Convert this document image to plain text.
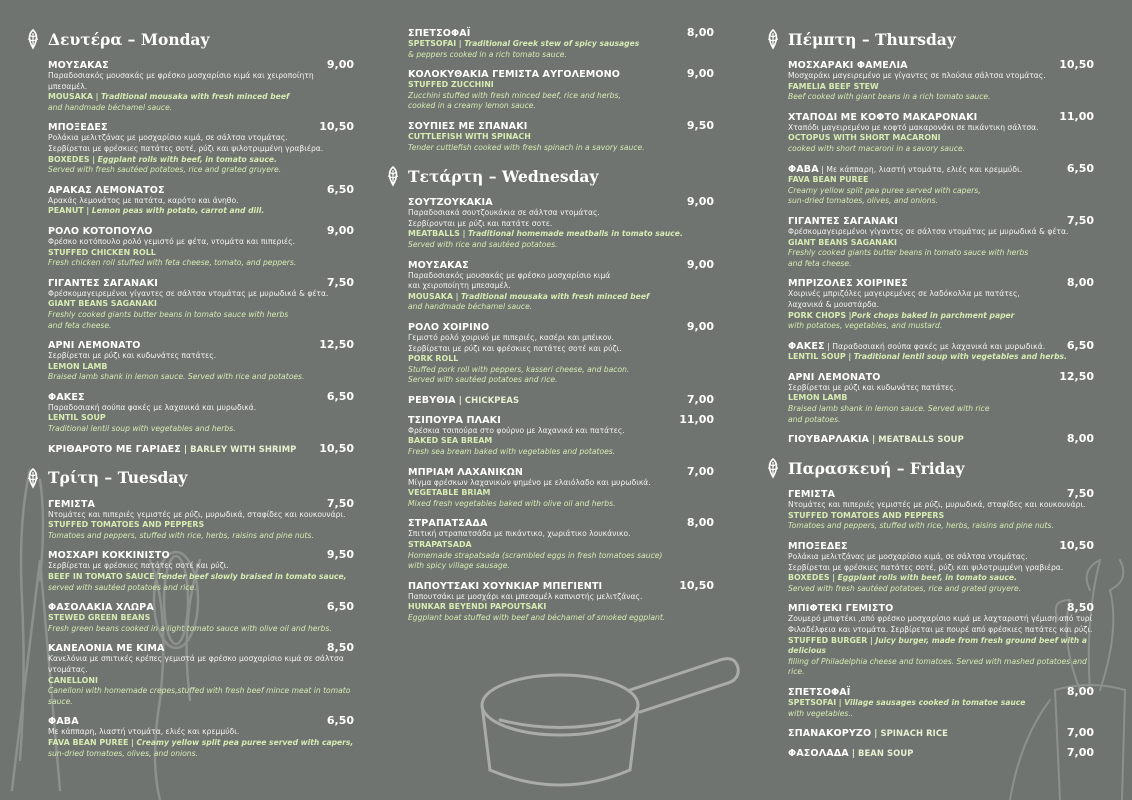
Δευτέρα – Monday
ΜΟΥΣΑΚΑΣ	9,00
Παραδοσιακός μουσακάς με φρέσκο μοσχαρίσιο κιμά και χειροποίητη μπεσαμέλ.
MOUSAKA | Traditional mousaka with fresh minced beef
and handmade béchamel sauce.
ΜΠΟΞΕΔΕΣ	10,50
Ρολάκια μελιτζάνας με μοσχαρίσιο κιμά, σε σάλτσα ντομάτας.
Σερβίρεται με φρέσκιες πατάτες σοτέ, ρύζι και ψιλοτριμμένη γραβιέρα.
BOXEDES | Eggplant rolls with beef, in tomato sauce.
Served with fresh sautéed potatoes, rice and grated gruyere.
ΑΡΑΚΑΣ ΛΕΜΟΝΑΤΟΣ	6,50
Αρακάς λεμονάτος με πατάτα, καρότο και άνηθο.
PEANUT | Lemon peas with potato, carrot and dill.
ΡΟΛΟ ΚΟΤΟΠΟΥΛΟ	9,00
Φρέσκο κοτόπουλο ρολό γεμιστό με φέτα, ντομάτα και πιπεριές.
STUFFED CHICKEN ROLL
Fresh chicken roll stuffed with feta cheese, tomato, and peppers.
ΓΙΓΑΝΤΕΣ ΣΑΓΑΝΑΚΙ	7,50
Φρέσκομαγειρεμένοι γίγαντες σε σάλτσα ντομάτας με μυρωδικά & φέτα.
GIANT BEANS SAGANAKI
Freshly cooked giants butter beans in tomato sauce with herbs
and feta cheese.
ΑΡΝΙ ΛΕΜΟΝΑΤΟ	12,50
Σερβίρεται με ρύζι και κυδωνάτες πατάτες.
LEMON LAMB
Braised lamb shank in lemon sauce. Served with rice and potatoes.
ΦΑΚΕΣ	6,50
Παραδοσιακή σούπα φακές με λαχανικά και μυρωδικά.
LENTIL SOUP
Traditional lentil soup with vegetables and herbs.
ΚΡΙΘΑΡΟΤΟ ΜΕ ΓΑΡΙΔΕΣ | BARLEY WITH SHRIMP 10,50
Τρίτη – Tuesday
ΓΕΜΙΣΤΑ	7,50
Ντομάτες και πιπεριές γεμιστές με ρύζι, μυρωδικά, σταφίδες και κουκουνάρι.
STUFFED TOMATOES AND PEPPERS
Tomatoes and peppers, stuffed with rice, herbs, raisins and pine nuts.
ΜΟΣΧΑΡΙ ΚΟΚΚΙΝΙΣΤΟ	9,50
Σερβίρεται με φρέσκιες πατάτες σοτέ και ρύζι.
BEEF IN TOMATO SAUCE Tender beef slowly braised in tomato sauce,
served with sautéed potatoes and rice.
ΦΑΣΟΛΑΚΙΑ ΧΛΩΡΑ	6,50
STEWED GREEN BEANS
Fresh green beans cooked in a light tomato sauce with olive oil and herbs.
ΚΑΝΕΛΟΝΙΑ ΜΕ ΚΙΜΑ	8,50
Κανελόνια με σπιτικές κρέπες γεμιστά με φρέσκο μοσχαρίσιο κιμά σε σάλτσα
ντομάτας.
CANELLONI
Canelloni with homemade crepes,stuffed with fresh beef mince meat in tomato
sauce.
ΦΑΒΑ	6,50
Με κάππαρη, λιαστή ντομάτα, ελιές και κρεμμύδι.
FAVA BEAN PUREE | Creamy yellow split pea puree served with capers,
sun-dried tomatoes, olives, and onions.
ΣΠΕΤΣΟΦΑΪ	8,00
SPETSOFAI | Traditional Greek stew of spicy sausages
& peppers cooked in a rich tomato sauce.
ΚΟΛΟΚΥΘΑΚΙΑ ΓΕΜΙΣΤΑ ΑΥΓΟΛΕΜΟΝΟ	9,00
STUFFED ZUCCHINI
Zucchini stuffed with fresh minced beef, rice and herbs,
cooked in a creamy lemon sauce.
ΣΟΥΠΙΕΣ ΜΕ ΣΠΑΝΑΚΙ	9,50
CUTTLEFISH WITH SPINACH
Tender cuttlefish cooked with fresh spinach in a savory sauce.
Τετάρτη – Wednesday
ΣΟΥΤΖΟΥΚΑΚΙΑ	9,00
Παραδοσιακά σουτζουκάκια σε σάλτσα ντομάτας.
Σερβίρονται με ρύζι και πατάτε σοτε.
MEATBALLS | Traditional homemade meatballs in tomato sauce.
Served with rice and sautéed potatoes.
ΜΟΥΣΑΚΑΣ	9,00
Παραδοσιακός μουσακάς με φρέσκο μοσχαρίσιο κιμά
και χειροποίητη μπεσαμέλ.
MOUSAKA | Traditional mousaka with fresh minced beef
and handmade béchamel sauce.
ΡΟΛΟ ΧΟΙΡΙΝΟ	9,00
Γεμιστό ρολό χοιρινό με πιπεριές, κασέρι και μπέικον.
Σερβίρεται με ρύζι και φρέσκιες πατάτες σοτέ και ρύζι.
PORK ROLL
Stuffed pork roll with peppers, kasseri cheese, and bacon.
Served with sautéed potatoes and rice.
ΡΕΒΥΘΙΑ | CHICKPEAS	7,00
ΤΣΙΠΟΥΡΑ ΠΛΑΚΙ	11,00
Φρέσκια τσιπούρα στο φούρνο με λαχανικά και πατάτες.
BAKED SEA BREAM
Fresh sea bream baked with vegetables and potatoes.
ΜΠΡΙΑΜ ΛΑΧΑΝΙΚΩΝ	7,00
Μίγμα φρέσκων λαχανικών ψημένο με ελαιόλαδο και μυρωδικά.
VEGETABLE BRIAM
Mixed fresh vegetables baked with olive oil and herbs.
ΣΤΡΑΠΑΤΣΑΔΑ	8,00
Σπιτική στραπατσάδα με πικάντικο, χωριάτικο λουκάνικο.
STRAPATSADA
Homemade strapatsada (scrambled eggs in fresh tomatoes sauce)
with spicy village sausage.
ΠΑΠΟΥΤΣΑΚΙ ΧΟΥΝΚΙΑΡ ΜΠΕΓΙΕΝΤΙ	10,50
Παπουτσάκι με μοσχάρι και μπεσαμέλ καπνιστής μελιτζάνας.
HUNKAR BEYENDI PAPOUTSAKI
Eggplant boat stuffed with beef and béchamel of smoked eggplant.
Πέμπτη – Thursday
ΜΟΣΧΑΡΑΚΙ ΦΑΜΕΛΙΑ	10,50
Μοσχαράκι μαγειρεμένο με γίγαντες σε πλούσια σάλτσα ντομάτας.
FAMELIA BEEF STEW
Beef cooked with giant beans in a rich tomato sauce.
ΧΤΑΠΟΔΙ ΜΕ ΚΟΦΤΟ ΜΑΚΑΡΟΝΑΚΙ	11,00
Χταπόδι μαγειρεμένο με κοφτό μακαρονάκι σε πικάντικη σάλτσα.
OCTOPUS WITH SHORT MACARONI
cooked with short macaroni in a savory sauce.
ΦΑΒΑ | Με κάππαρη, λιαστή ντομάτα, ελιές και κρεμμύδι.	6,50
FAVA BEAN PUREE
Creamy yellow split pea puree served with capers,
sun-dried tomatoes, olives, and onions.
ΓΙΓΑΝΤΕΣ ΣΑΓΑΝΑΚΙ	7,50
Φρέσκομαγειρεμένοι γίγαντες σε σάλτσα ντομάτας με μυρωδικά & φέτα.
GIANT BEANS SAGANAKI
Freshly cooked giants butter beans in tomato sauce with herbs
and feta cheese.
ΜΠΡΙΖΟΛΕΣ ΧΟΙΡΙΝΕΣ	8,00
Χοιρινές μπριζόλες μαγειρεμένες σε λαδόκολλα με πατάτες,
λαχανικά & μουστάρδα.
PORK CHOPS |Pork chops baked in parchment paper
with potatoes, vegetables, and mustard.
ΦΑΚΕΣ | Παραδοσιακή σούπα φακές με λαχανικά και μυρωδικά. 6,50
LENTIL SOUP | Traditional lentil soup with vegetables and herbs.
ΑΡΝΙ ΛΕΜΟΝΑΤΟ	12,50
Σερβίρεται με ρύζι και κυδωνάτες πατάτες.
LEMON LAMB
Braised lamb shank in lemon sauce. Served with rice
and potatoes.
ΓΙΟΥΒΑΡΛΑΚΙΑ | MEATBALLS SOUP	8,00
Παρασκευή – Friday
ΓΕΜΙΣΤΑ	7,50
Ντομάτες και πιπεριές γεμιστές με ρύζι, μυρωδικά, σταφίδες και κουκουνάρι.
STUFFED TOMATOES AND PEPPERS
Tomatoes and peppers, stuffed with rice, herbs, raisins and pine nuts.
ΜΠΟΞΕΔΕΣ	10,50
Ρολάκια μελιτζάνας με μοσχαρίσιο κιμά, σε σάλτσα ντομάτας.
Σερβίρεται με φρέσκιες πατάτες σοτέ, ρύζι και ψιλοτριμμένη γραβιέρα.
BOXEDES | Eggplant rolls with beef, in tomato sauce.
Served with fresh sautéed potatoes, rice and grated gruyere.
ΜΠΙΦΤΕΚΙ ΓΕΜΙΣΤΟ	8,50
Ζουμερό μπιφτέκι ,από φρέσκο μοσχαρίσιο κιμά με λαχταριστή γέμιση από τυρί
Φιλαδέλφεια και ντομάτα. Σερβίρεται με πουρέ από φρέσκιες πατάτες και ρύζι.
STUFFED BURGER | Juicy burger, made from fresh ground beef with a delicious
filling of Philadelphia cheese and tomatoes. Served with mashed potatoes and rice.
ΣΠΕΤΣΟΦΑΪ	8,00
SPETSOFAI | Village sausages cooked in tomatoe sauce
with vegetables..
ΣΠΑΝΑΚΟΡΥΖΟ | SPINACH RICE	7,00
ΦΑΣΟΛΑΔΑ | BEAN SOUP	7,00
